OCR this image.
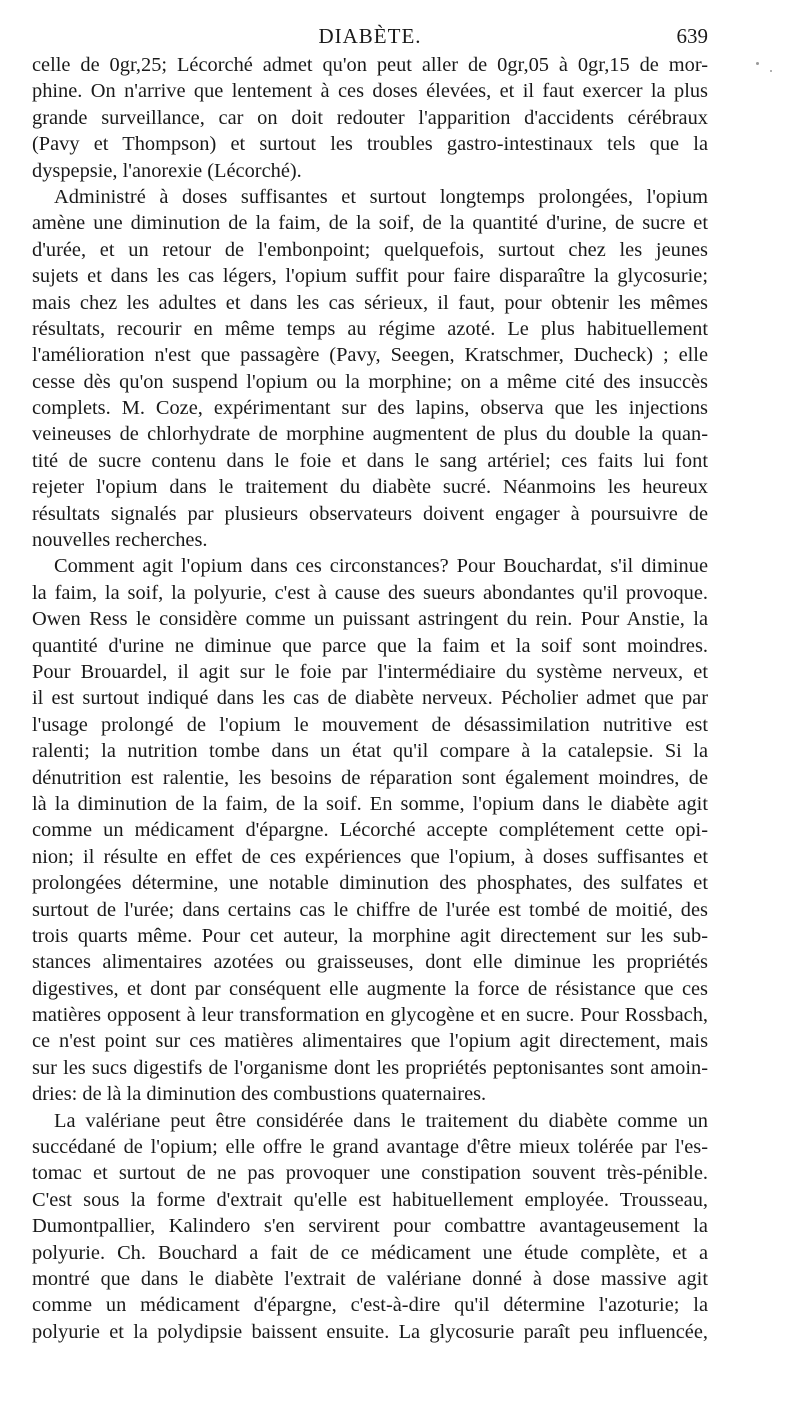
DIABÈTE.	639
celle de 0gr,25; Lécorché admet qu'on peut aller de 0gr,05 à 0gr,15 de mor-
phine. On n'arrive que lentement à ces doses élevées, et il faut exercer la plus
grande surveillance, car on doit redouter l'apparition d'accidents cérébraux
(Pavy et Thompson) et surtout les troubles gastro-intestinaux tels que la
dyspepsie, l'anorexie (Lécorché).
Administré à doses suffisantes et surtout longtemps prolongées, l'opium
amène une diminution de la faim, de la soif, de la quantité d'urine, de sucre et
d'urée, et un retour de l'embonpoint; quelquefois, surtout chez les jeunes
sujets et dans les cas légers, l'opium suffit pour faire disparaître la glycosurie;
mais chez les adultes et dans les cas sérieux, il faut, pour obtenir les mêmes
résultats, recourir en même temps au régime azoté. Le plus habituellement
l'amélioration n'est que passagère (Pavy, Seegen, Kratschmer, Ducheck) ; elle
cesse dès qu'on suspend l'opium ou la morphine; on a même cité des insuccès
complets. M. Coze, expérimentant sur des lapins, observa que les injections
veineuses de chlorhydrate de morphine augmentent de plus du double la quan-
tité de sucre contenu dans le foie et dans le sang artériel; ces faits lui font
rejeter l'opium dans le traitement du diabète sucré. Néanmoins les heureux
résultats signalés par plusieurs observateurs doivent engager à poursuivre de
nouvelles recherches.
Comment agit l'opium dans ces circonstances? Pour Bouchardat, s'il diminue
la faim, la soif, la polyurie, c'est à cause des sueurs abondantes qu'il provoque.
Owen Ress le considère comme un puissant astringent du rein. Pour Anstie, la
quantité d'urine ne diminue que parce que la faim et la soif sont moindres.
Pour Brouardel, il agit sur le foie par l'intermédiaire du système nerveux, et
il est surtout indiqué dans les cas de diabète nerveux. Pécholier admet que par
l'usage prolongé de l'opium le mouvement de désassimilation nutritive est
ralenti; la nutrition tombe dans un état qu'il compare à la catalepsie. Si la
dénutrition est ralentie, les besoins de réparation sont également moindres, de
là la diminution de la faim, de la soif. En somme, l'opium dans le diabète agit
comme un médicament d'épargne. Lécorché accepte complétement cette opi-
nion; il résulte en effet de ces expériences que l'opium, à doses suffisantes et
prolongées détermine, une notable diminution des phosphates, des sulfates et
surtout de l'urée; dans certains cas le chiffre de l'urée est tombé de moitié, des
trois quarts même. Pour cet auteur, la morphine agit directement sur les sub-
stances alimentaires azotées ou graisseuses, dont elle diminue les propriétés
digestives, et dont par conséquent elle augmente la force de résistance que ces
matières opposent à leur transformation en glycogène et en sucre. Pour Rossbach,
ce n'est point sur ces matières alimentaires que l'opium agit directement, mais
sur les sucs digestifs de l'organisme dont les propriétés peptonisantes sont amoin-
dries: de là la diminution des combustions quaternaires.
La valériane peut être considérée dans le traitement du diabète comme un
succédané de l'opium; elle offre le grand avantage d'être mieux tolérée par l'es-
tomac et surtout de ne pas provoquer une constipation souvent très-pénible.
C'est sous la forme d'extrait qu'elle est habituellement employée. Trousseau,
Dumontpallier, Kalindero s'en servirent pour combattre avantageusement la
polyurie. Ch. Bouchard a fait de ce médicament une étude complète, et a
montré que dans le diabète l'extrait de valériane donné à dose massive agit
comme un médicament d'épargne, c'est-à-dire qu'il détermine l'azoturie; la
polyurie et la polydipsie baissent ensuite. La glycosurie paraît peu influencée,
